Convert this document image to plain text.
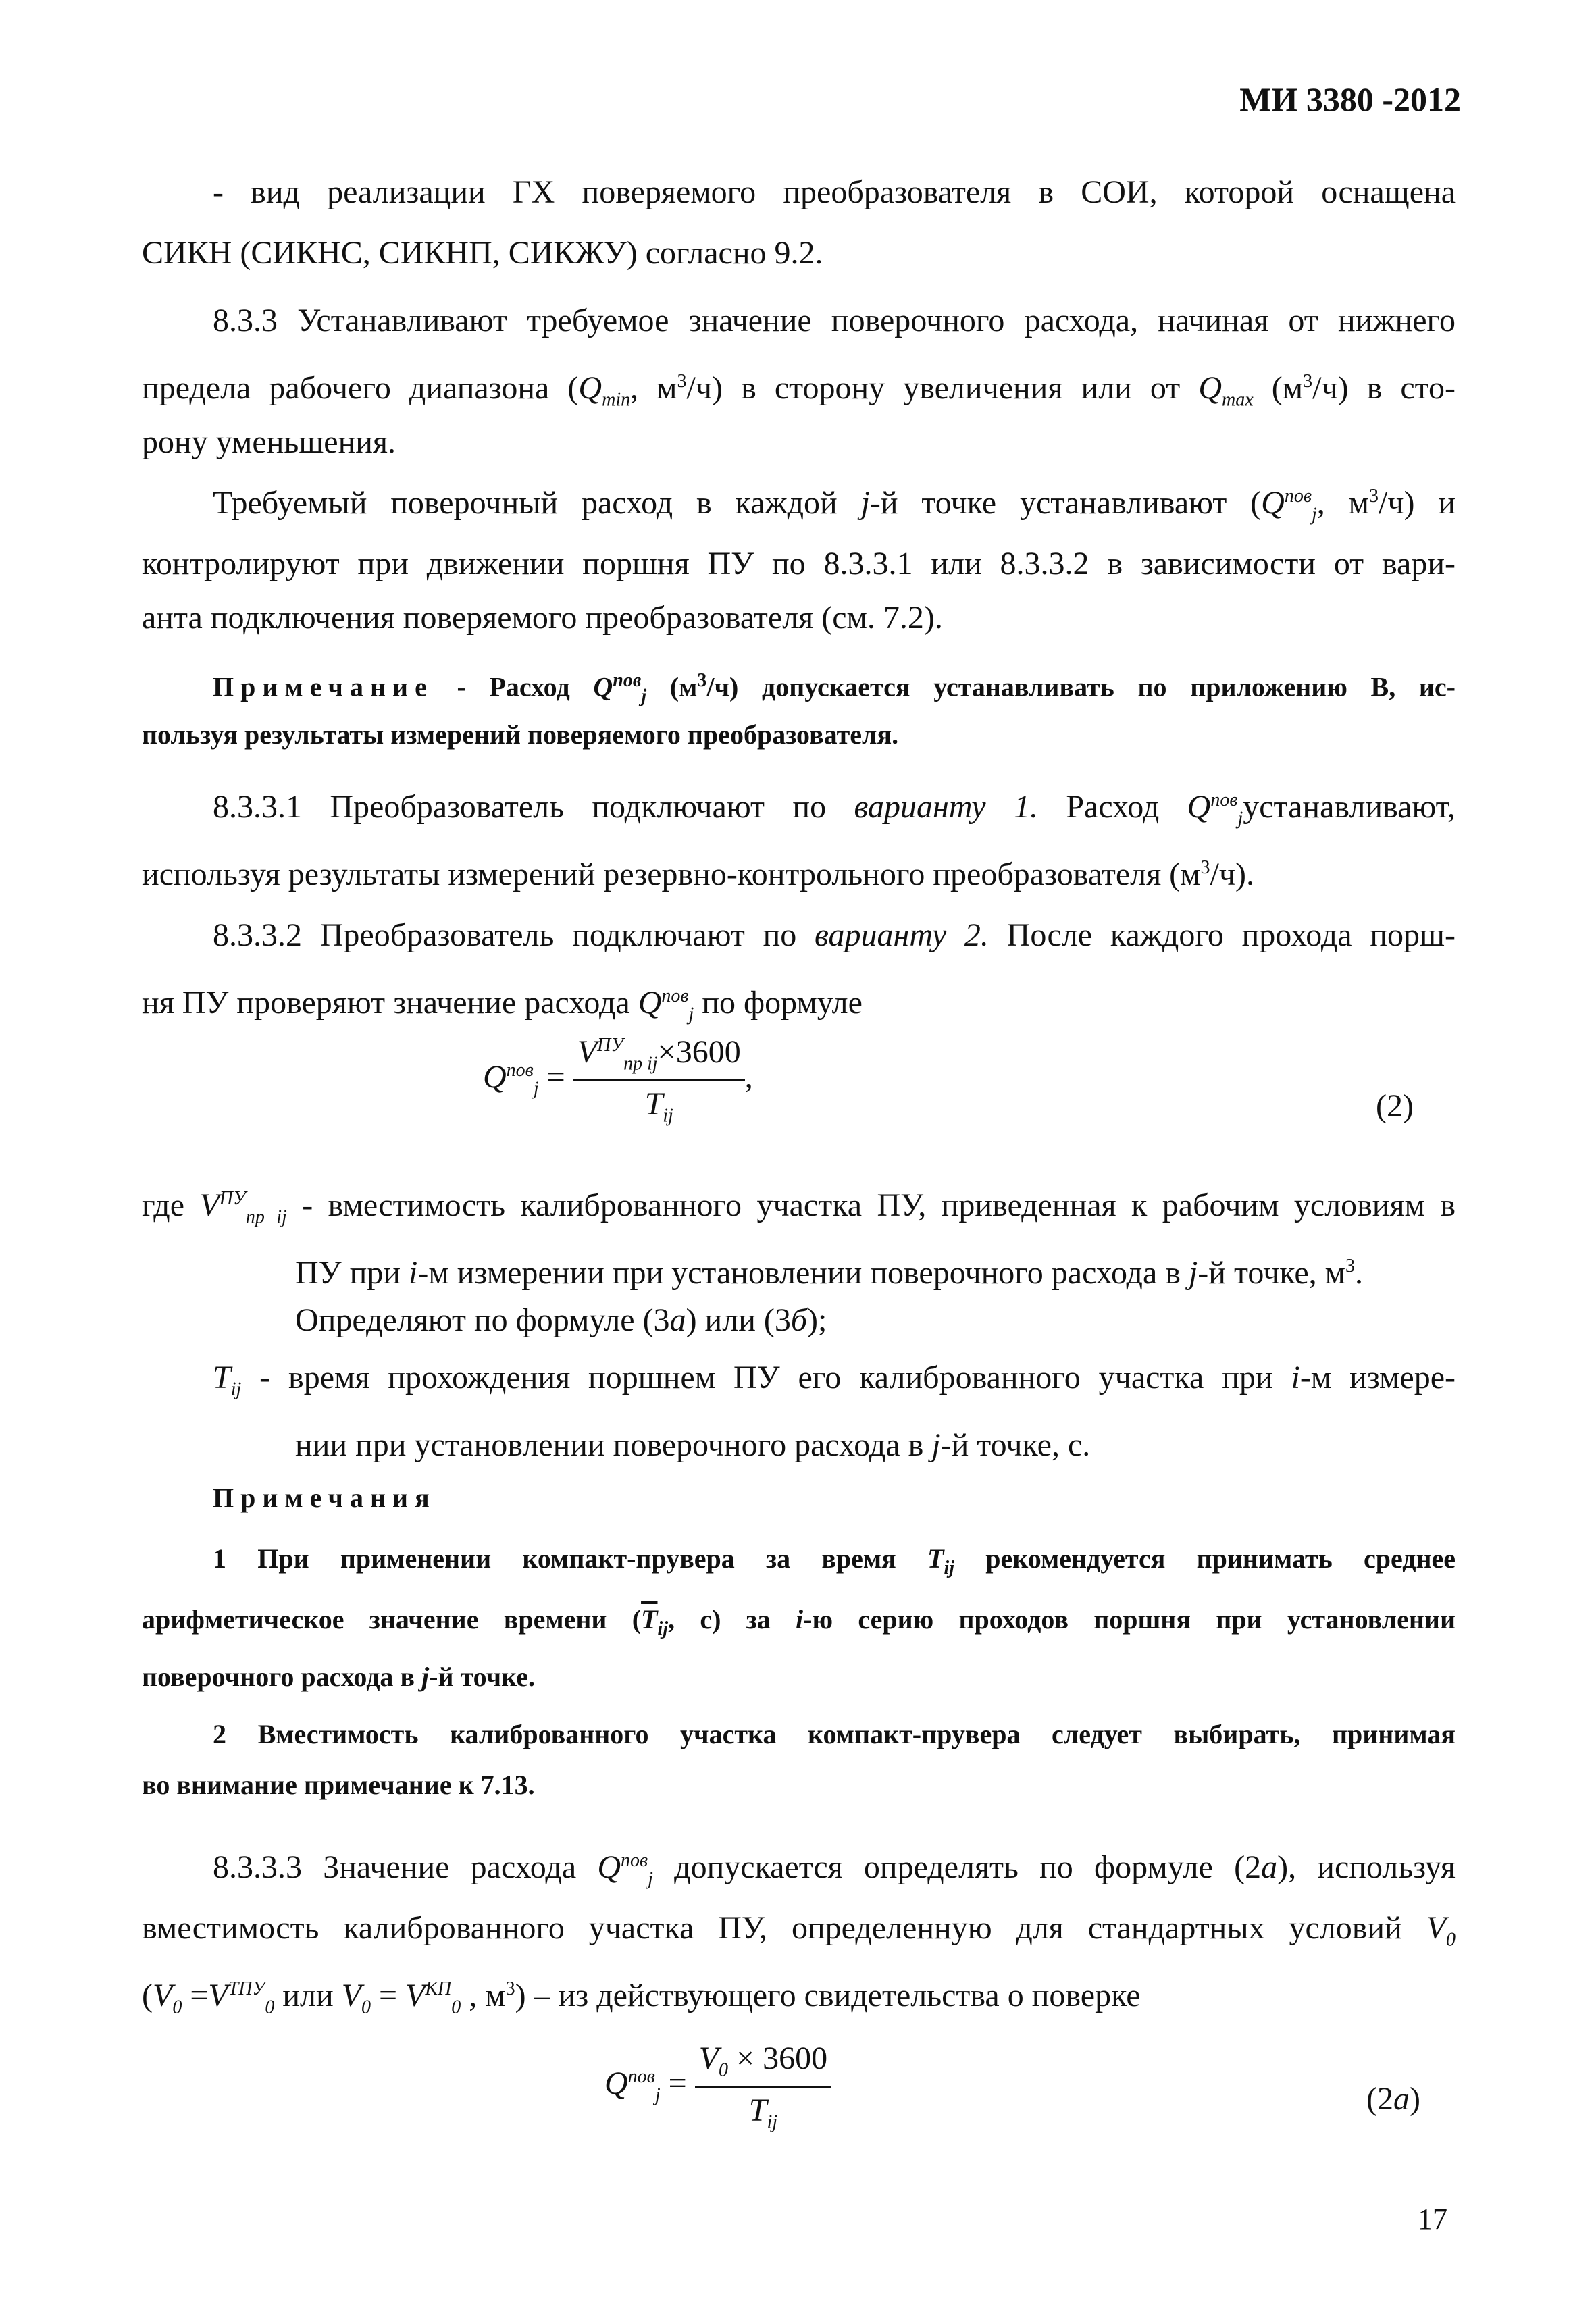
МИ 3380 -2012
- вид реализации ГХ поверяемого преобразователя в СОИ, которой оснащена
СИКН (СИКНС, СИКНП, СИКЖУ) согласно 9.2.
8.3.3 Устанавливают требуемое значение поверочного расхода, начиная от нижнего
предела рабочего диапазона ($Q_{min}$, $м^3/ч$) в сторону увеличения или от $Q_{max}$ $(м^3/ч)$ в сто-
рону уменьшения.
Требуемый поверочный расход в каждой j-й точке устанавливают ($Q^{пов}_j$, $м^3/ч$) и
контролируют при движении поршня ПУ по 8.3.3.1 или 8.3.3.2 в зависимости от вари-
анта подключения поверяемого преобразователя (см. 7.2).
Примечание - Расход $Q^{пов}_j$ $(м^3/ч)$ допускается устанавливать по приложению В, ис-
пользуя результаты измерений поверяемого преобразователя.
8.3.3.1 Преобразователь подключают по варианту 1. Расход $Q^{пов}_jустанавливают$,
используя результаты измерений резервно-контрольного преобразователя $(м^3/ч)$.
8.3.3.2 Преобразователь подключают по варианту 2. После каждого прохода порш-
ня ПУ проверяют значение расхода $Q^{пов}_j$ по формуле
$Q^{пов}_j = \frac{V^{ПУ}_{пр ij}\times 3600}{T_{ij}}$ ,
(2)
где $V^{ПУ}_{пр ij}$ - вместимость калиброванного участка ПУ, приведенная к рабочим условиям в
ПУ при i-м измерении при установлении поверочного расхода в j-й точке, $м^3$.
Определяют по формуле (3а) или (3б);
$T_{ij}$ - время прохождения поршнем ПУ его калиброванного участка при i-м измере-
нии при установлении поверочного расхода в j-й точке, с.
Примечания
1 При применении компакт-прувера за время $T_{ij}$ рекомендуется принимать среднее
арифметическое значение времени ($\overline{T}_{ij}$, с) за i-ю серию проходов поршня при установлении
поверочного расхода в j-й точке.
2 Вместимость калиброванного участка компакт-прувера следует выбирать, принимая
во внимание примечание к 7.13.
8.3.3.3 Значение расхода $Q^{пов}_j$ допускается определять по формуле (2а), используя
вместимость калиброванного участка ПУ, определенную для стандартных условий $V_0$
($V_0 =V^{ТПУ}_0$ или $V_0 = V^{КП}_0$ , $м^3$) – из действующего свидетельства о поверке
$Q^{пов}_j = \frac{V_0 \times 3600}{T_{ij}}$	(2а)
17
